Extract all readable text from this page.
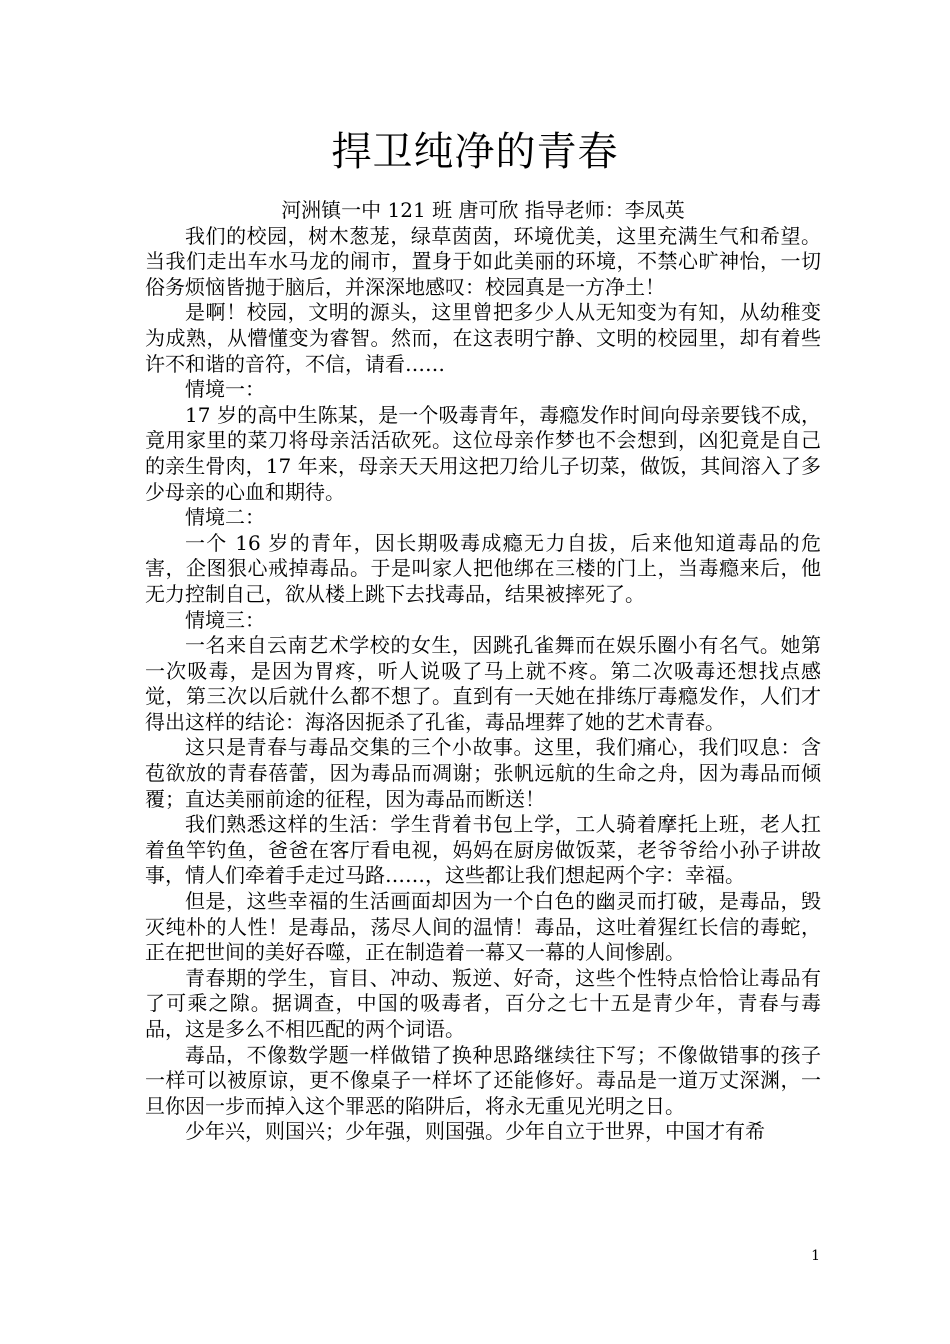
捍卫纯净的青春

河洲镇一中 121 班 唐可欣 指导老师：李凤英

我们的校园，树木葱茏，绿草茵茵，环境优美，这里充满生气和希望。当我们走出车水马龙的闹市，置身于如此美丽的环境，不禁心旷神怡，一切俗务烦恼皆抛于脑后，并深深地感叹：校园真是一方净土！

是啊！校园，文明的源头，这里曾把多少人从无知变为有知，从幼稚变为成熟，从懵懂变为睿智。然而，在这表明宁静、文明的校园里，却有着些许不和谐的音符，不信，请看……

情境一：

17 岁的高中生陈某，是一个吸毒青年，毒瘾发作时间向母亲要钱不成，竟用家里的菜刀将母亲活活砍死。这位母亲作梦也不会想到，凶犯竟是自己的亲生骨肉，17 年来，母亲天天用这把刀给儿子切菜，做饭，其间溶入了多少母亲的心血和期待。

情境二：

一个 16 岁的青年，因长期吸毒成瘾无力自拔，后来他知道毒品的危害，企图狠心戒掉毒品。于是叫家人把他绑在三楼的门上，当毒瘾来后，他无力控制自己，欲从楼上跳下去找毒品，结果被摔死了。

情境三：

一名来自云南艺术学校的女生，因跳孔雀舞而在娱乐圈小有名气。她第一次吸毒，是因为胃疼，听人说吸了马上就不疼。第二次吸毒还想找点感觉，第三次以后就什么都不想了。直到有一天她在排练厅毒瘾发作，人们才得出这样的结论：海洛因扼杀了孔雀，毒品埋葬了她的艺术青春。

这只是青春与毒品交集的三个小故事。这里，我们痛心，我们叹息：含苞欲放的青春蓓蕾，因为毒品而凋谢；张帆远航的生命之舟，因为毒品而倾覆；直达美丽前途的征程，因为毒品而断送！

我们熟悉这样的生活：学生背着书包上学，工人骑着摩托上班，老人扛着鱼竿钓鱼，爸爸在客厅看电视，妈妈在厨房做饭菜，老爷爷给小孙子讲故事，情人们牵着手走过马路……，这些都让我们想起两个字：幸福。

但是，这些幸福的生活画面却因为一个白色的幽灵而打破，是毒品，毁灭纯朴的人性！是毒品，荡尽人间的温情！毒品，这吐着猩红长信的毒蛇，正在把世间的美好吞噬，正在制造着一幕又一幕的人间惨剧。

青春期的学生，盲目、冲动、叛逆、好奇，这些个性特点恰恰让毒品有了可乘之隙。据调查，中国的吸毒者，百分之七十五是青少年，青春与毒品，这是多么不相匹配的两个词语。

毒品，不像数学题一样做错了换种思路继续往下写；不像做错事的孩子一样可以被原谅，更不像桌子一样坏了还能修好。毒品是一道万丈深渊，一旦你因一步而掉入这个罪恶的陷阱后，将永无重见光明之日。

少年兴，则国兴；少年强，则国强。少年自立于世界，中国才有希

1
